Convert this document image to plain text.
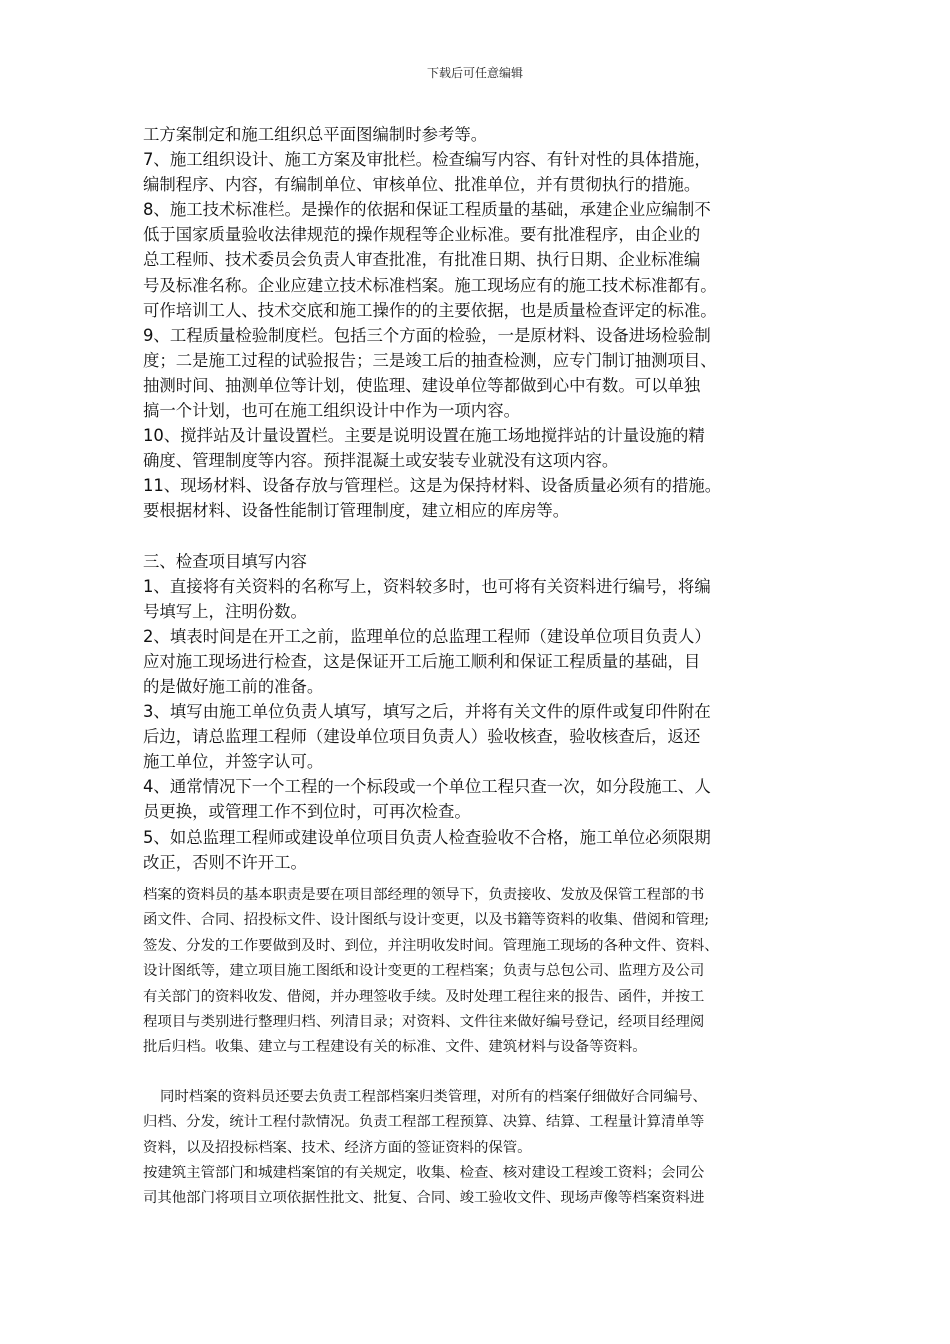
下载后可任意编辑

工方案制定和施工组织总平面图编制时参考等。

7、施工组织设计、施工方案及审批栏。检查编写内容、有针对性的具体措施，

编制程序、内容，有编制单位、审核单位、批准单位，并有贯彻执行的措施。

8、施工技术标准栏。是操作的依据和保证工程质量的基础，承建企业应编制不

低于国家质量验收法律规范的操作规程等企业标准。要有批准程序，由企业的

总工程师、技术委员会负责人审查批准，有批准日期、执行日期、企业标准编

号及标准名称。企业应建立技术标准档案。施工现场应有的施工技术标准都有。

可作培训工人、技术交底和施工操作的的主要依据，也是质量检查评定的标准。

9、工程质量检验制度栏。包括三个方面的检验，一是原材料、设备进场检验制

度；二是施工过程的试验报告；三是竣工后的抽查检测，应专门制订抽测项目、

抽测时间、抽测单位等计划，使监理、建设单位等都做到心中有数。可以单独

搞一个计划，也可在施工组织设计中作为一项内容。

10、搅拌站及计量设置栏。主要是说明设置在施工场地搅拌站的计量设施的精

确度、管理制度等内容。预拌混凝土或安装专业就没有这项内容。

11、现场材料、设备存放与管理栏。这是为保持材料、设备质量必须有的措施。

要根据材料、设备性能制订管理制度，建立相应的库房等。

三、检查项目填写内容

1、直接将有关资料的名称写上，资料较多时，也可将有关资料进行编号，将编

号填写上，注明份数。

2、填表时间是在开工之前，监理单位的总监理工程师（建设单位项目负责人）

应对施工现场进行检查，这是保证开工后施工顺利和保证工程质量的基础，目

的是做好施工前的准备。

3、填写由施工单位负责人填写，填写之后，并将有关文件的原件或复印件附在

后边，请总监理工程师（建设单位项目负责人）验收核查，验收核查后，返还

施工单位，并签字认可。

4、通常情况下一个工程的一个标段或一个单位工程只查一次，如分段施工、人

员更换，或管理工作不到位时，可再次检查。

5、如总监理工程师或建设单位项目负责人检查验收不合格，施工单位必须限期

改正，否则不许开工。

档案的资料员的基本职责是要在项目部经理的领导下，负责接收、发放及保管工程部的书

函文件、合同、招投标文件、设计图纸与设计变更，以及书籍等资料的收集、借阅和管理;

签发、分发的工作要做到及时、到位，并注明收发时间。管理施工现场的各种文件、资料、

设计图纸等，建立项目施工图纸和设计变更的工程档案；负责与总包公司、监理方及公司

有关部门的资料收发、借阅，并办理签收手续。及时处理工程往来的报告、函件，并按工

程项目与类别进行整理归档、列清目录；对资料、文件往来做好编号登记，经项目经理阅

批后归档。收集、建立与工程建设有关的标准、文件、建筑材料与设备等资料。

同时档案的资料员还要去负责工程部档案归类管理，对所有的档案仔细做好合同编号、

归档、分发，统计工程付款情况。负责工程部工程预算、决算、结算、工程量计算清单等

资料，以及招投标档案、技术、经济方面的签证资料的保管。

按建筑主管部门和城建档案馆的有关规定，收集、检查、核对建设工程竣工资料；会同公

司其他部门将项目立项依据性批文、批复、合同、竣工验收文件、现场声像等档案资料进
